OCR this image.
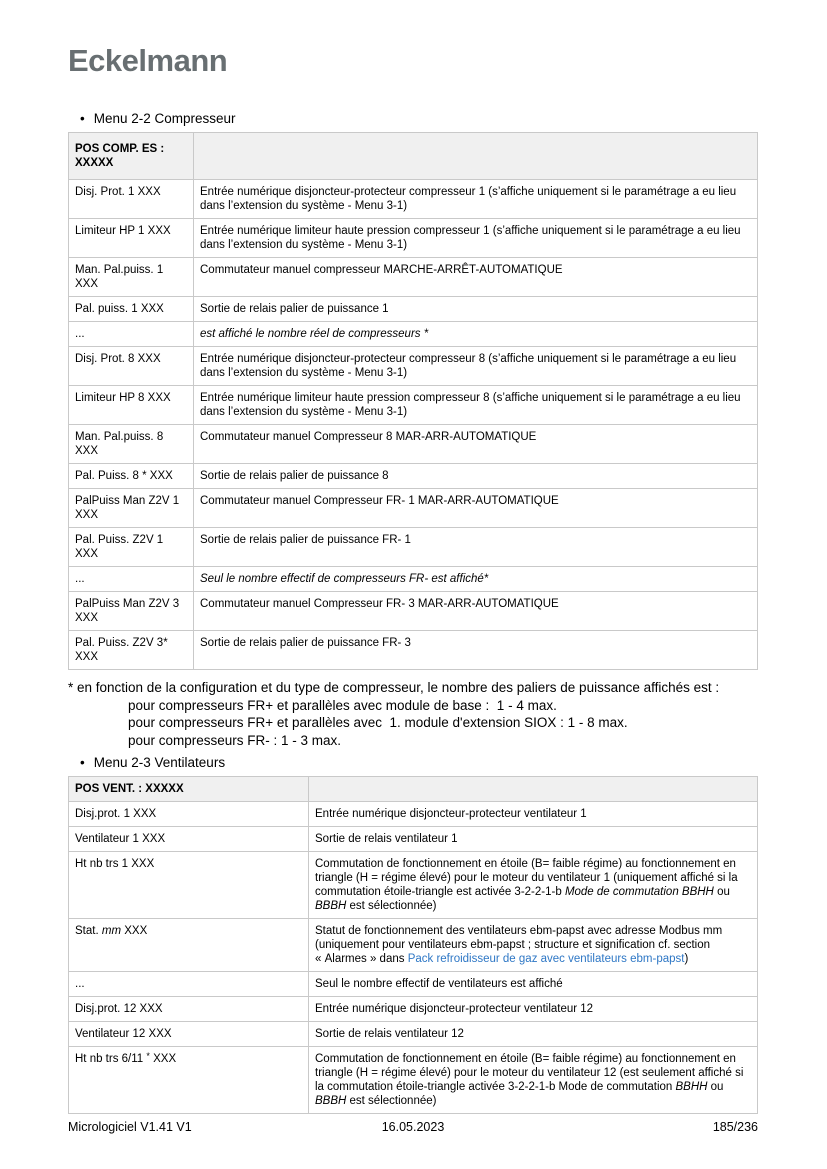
Eckelmann
• Menu 2-2 Compresseur
POS COMP. ES : XXXXX	
Disj. Prot. 1 XXX	Entrée numérique disjoncteur-protecteur compresseur 1 (s’affiche uniquement si le paramétrage a eu lieu dans l’extension du système - Menu 3-1)
Limiteur HP 1 XXX	Entrée numérique limiteur haute pression compresseur 1 (s’affiche uniquement si le paramétrage a eu lieu dans l’extension du système - Menu 3-1)
Man. Pal.puiss. 1 XXX	Commutateur manuel compresseur MARCHE-ARRÊT-AUTOMATIQUE
Pal. puiss. 1 XXX	Sortie de relais palier de puissance 1
...	est affiché le nombre réel de compresseurs *
Disj. Prot. 8 XXX	Entrée numérique disjoncteur-protecteur compresseur 8 (s’affiche uniquement si le paramétrage a eu lieu dans l’extension du système - Menu 3-1)
Limiteur HP 8 XXX	Entrée numérique limiteur haute pression compresseur 8 (s’affiche uniquement si le paramétrage a eu lieu dans l’extension du système - Menu 3-1)
Man. Pal.puiss. 8 XXX	Commutateur manuel Compresseur 8 MAR-ARR-AUTOMATIQUE
Pal. Puiss. 8 * XXX	Sortie de relais palier de puissance 8
PalPuiss Man Z2V 1 XXX	Commutateur manuel Compresseur FR- 1 MAR-ARR-AUTOMATIQUE
Pal. Puiss. Z2V 1 XXX	Sortie de relais palier de puissance FR- 1
...	Seul le nombre effectif de compresseurs FR- est affiché*
PalPuiss Man Z2V 3 XXX	Commutateur manuel Compresseur FR- 3 MAR-ARR-AUTOMATIQUE
Pal. Puiss. Z2V 3* XXX	Sortie de relais palier de puissance FR- 3
* en fonction de la configuration et du type de compresseur, le nombre des paliers de puissance affichés est :
pour compresseurs FR+ et parallèles avec module de base :  1 - 4 max.
pour compresseurs FR+ et parallèles avec  1. module d'extension SIOX : 1 - 8 max.
pour compresseurs FR- : 1 - 3 max.
• Menu 2-3 Ventilateurs
POS VENT. : XXXXX	
Disj.prot. 1 XXX	Entrée numérique disjoncteur-protecteur ventilateur 1
Ventilateur 1 XXX	Sortie de relais ventilateur 1
Ht nb trs 1 XXX	Commutation de fonctionnement en étoile (B= faible régime) au fonctionnement en triangle (H = régime élevé) pour le moteur du ventilateur 1 (uniquement affiché si la commutation étoile-triangle est activée 3-2-2-1-b Mode de commutation BBHH ou BBBH est sélectionnée)
Stat. mm XXX	Statut de fonctionnement des ventilateurs ebm-papst avec adresse Modbus mm (uniquement pour ventilateurs ebm-papst ; structure et signification cf. section « Alarmes » dans Pack refroidisseur de gaz avec ventilateurs ebm-papst)
...	Seul le nombre effectif de ventilateurs est affiché
Disj.prot. 12 XXX	Entrée numérique disjoncteur-protecteur ventilateur 12
Ventilateur 12 XXX	Sortie de relais ventilateur 12
Ht nb trs 6/11 * XXX	Commutation de fonctionnement en étoile (B= faible régime) au fonctionnement en triangle (H = régime élevé) pour le moteur du ventilateur 12 (est seulement affiché si la commutation étoile-triangle activée 3-2-2-1-b Mode de commutation BBHH ou BBBH est sélectionnée)
Micrologiciel V1.41 V1	16.05.2023	185/236
